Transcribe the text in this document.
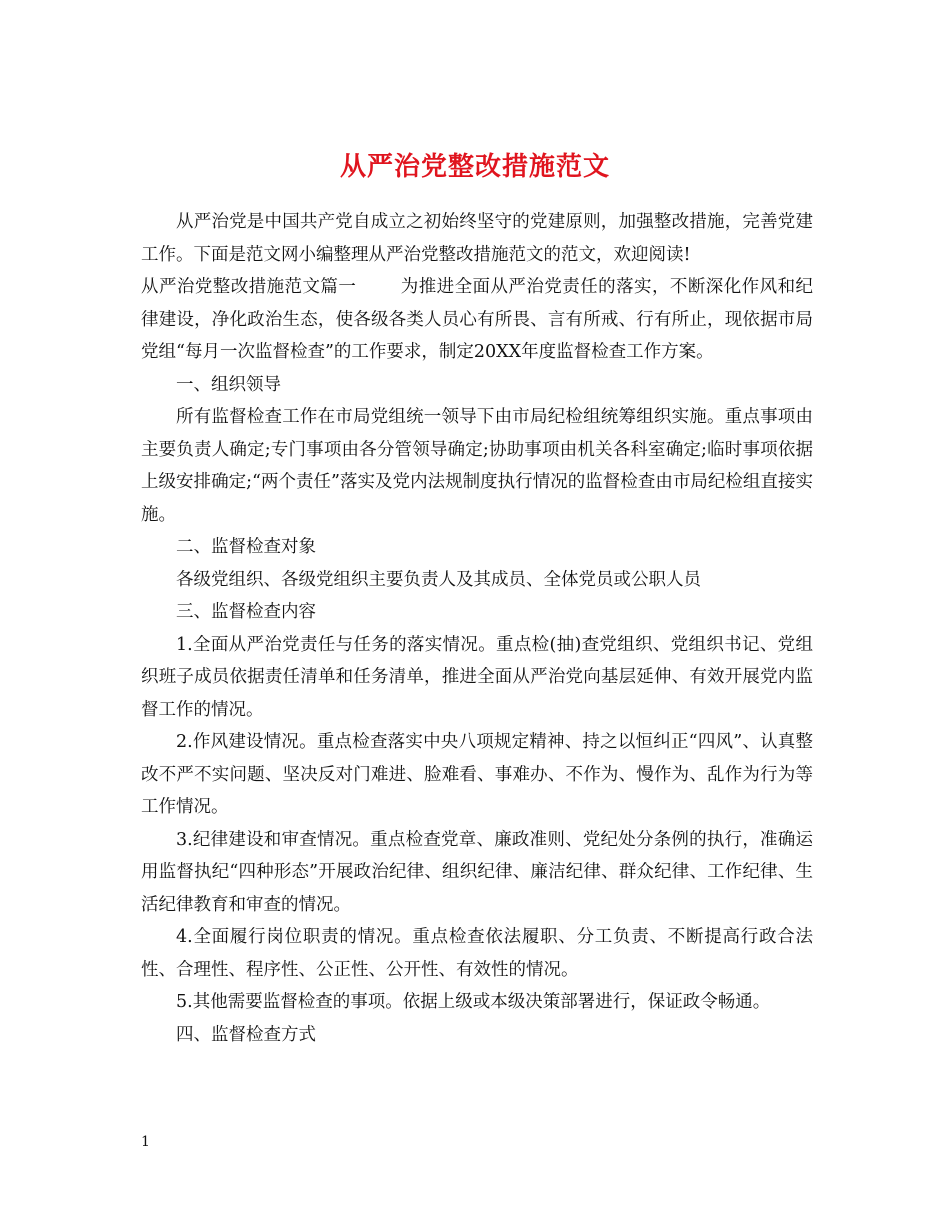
从严治党整改措施范文

从严治党是中国共产党自成立之初始终坚守的党建原则，加强整改措施，完善党建工作。下面是范文网小编整理从严治党整改措施范文的范文，欢迎阅读!

从严治党整改措施范文篇一	为推进全面从严治党责任的落实，不断深化作风和纪律建设，净化政治生态，使各级各类人员心有所畏、言有所戒、行有所止，现依据市局党组“每月一次监督检查”的工作要求，制定20XX年度监督检查工作方案。

一、组织领导

所有监督检查工作在市局党组统一领导下由市局纪检组统筹组织实施。重点事项由主要负责人确定;专门事项由各分管领导确定;协助事项由机关各科室确定;临时事项依据上级安排确定;“两个责任”落实及党内法规制度执行情况的监督检查由市局纪检组直接实施。

二、监督检查对象

各级党组织、各级党组织主要负责人及其成员、全体党员或公职人员

三、监督检查内容

1.全面从严治党责任与任务的落实情况。重点检(抽)查党组织、党组织书记、党组织班子成员依据责任清单和任务清单，推进全面从严治党向基层延伸、有效开展党内监督工作的情况。

2.作风建设情况。重点检查落实中央八项规定精神、持之以恒纠正“四风”、认真整改不严不实问题、坚决反对门难进、脸难看、事难办、不作为、慢作为、乱作为行为等工作情况。

3.纪律建设和审查情况。重点检查党章、廉政准则、党纪处分条例的执行，准确运用监督执纪“四种形态”开展政治纪律、组织纪律、廉洁纪律、群众纪律、工作纪律、生活纪律教育和审查的情况。

4.全面履行岗位职责的情况。重点检查依法履职、分工负责、不断提高行政合法性、合理性、程序性、公正性、公开性、有效性的情况。

5.其他需要监督检查的事项。依据上级或本级决策部署进行，保证政令畅通。

四、监督检查方式

1
